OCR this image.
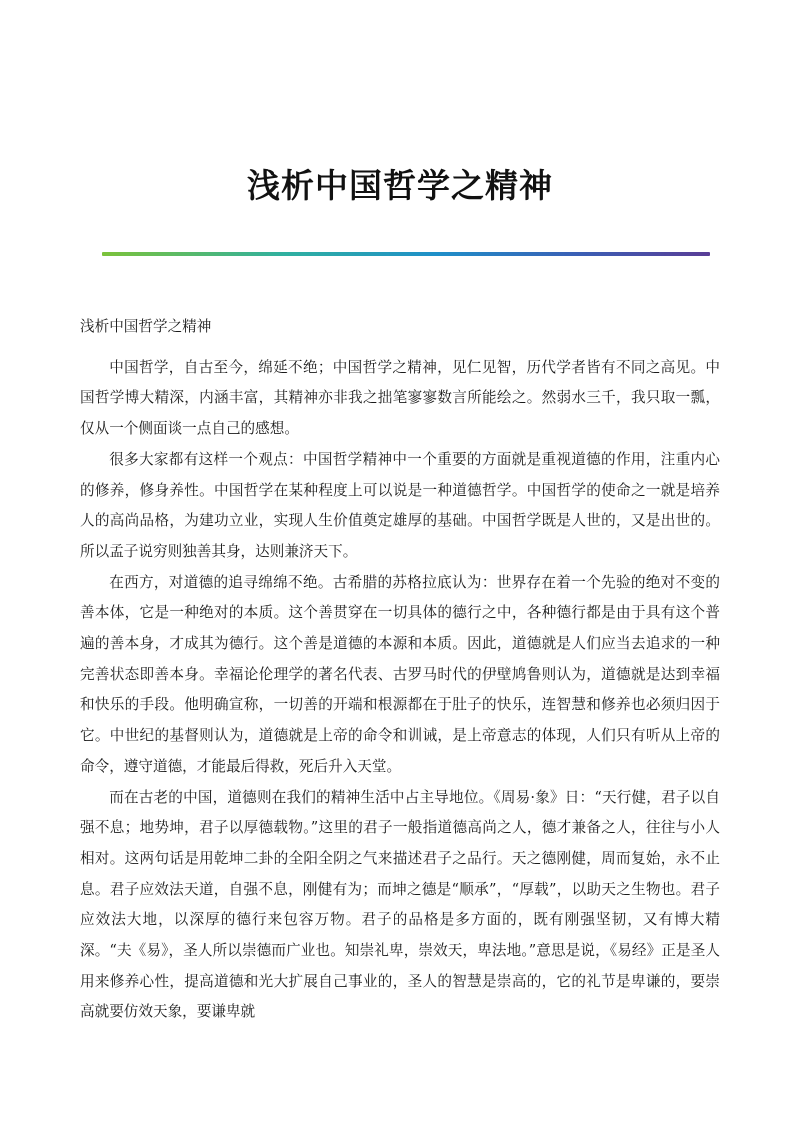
浅析中国哲学之精神

浅析中国哲学之精神

中国哲学，自古至今，绵延不绝；中国哲学之精神，见仁见智，历代学者皆有不同之高见。中国哲学博大精深，内涵丰富，其精神亦非我之拙笔寥寥数言所能绘之。然弱水三千，我只取一瓢，仅从一个侧面谈一点自己的感想。

很多大家都有这样一个观点：中国哲学精神中一个重要的方面就是重视道德的作用，注重内心的修养，修身养性。中国哲学在某种程度上可以说是一种道德哲学。中国哲学的使命之一就是培养人的高尚品格，为建功立业，实现人生价值奠定雄厚的基础。中国哲学既是人世的，又是出世的。所以孟子说穷则独善其身，达则兼济天下。

在西方，对道德的追寻绵绵不绝。古希腊的苏格拉底认为：世界存在着一个先验的绝对不变的善本体，它是一种绝对的本质。这个善贯穿在一切具体的德行之中，各种德行都是由于具有这个普遍的善本身，才成其为德行。这个善是道德的本源和本质。因此，道德就是人们应当去追求的一种完善状态即善本身。幸福论伦理学的著名代表、古罗马时代的伊壁鸠鲁则认为，道德就是达到幸福和快乐的手段。他明确宣称，一切善的开端和根源都在于肚子的快乐，连智慧和修养也必须归因于它。中世纪的基督则认为，道德就是上帝的命令和训诫，是上帝意志的体现，人们只有听从上帝的命令，遵守道德，才能最后得救，死后升入天堂。

而在古老的中国，道德则在我们的精神生活中占主导地位。《周易·象》日：“天行健，君子以自强不息；地势坤，君子以厚德载物。”这里的君子一般指道德高尚之人，德才兼备之人，往往与小人相对。这两句话是用乾坤二卦的全阳全阴之气来描述君子之品行。天之德刚健，周而复始，永不止息。君子应效法天道，自强不息，刚健有为；而坤之德是“顺承”，“厚载”，以助天之生物也。君子应效法大地，以深厚的德行来包容万物。君子的品格是多方面的，既有刚强坚韧，又有博大精深。“夫《易》，圣人所以崇德而广业也。知崇礼卑，崇效天，卑法地。”意思是说，《易经》正是圣人用来修养心性，提高道德和光大扩展自己事业的，圣人的智慧是崇高的，它的礼节是卑谦的，要崇高就要仿效天象，要谦卑就
